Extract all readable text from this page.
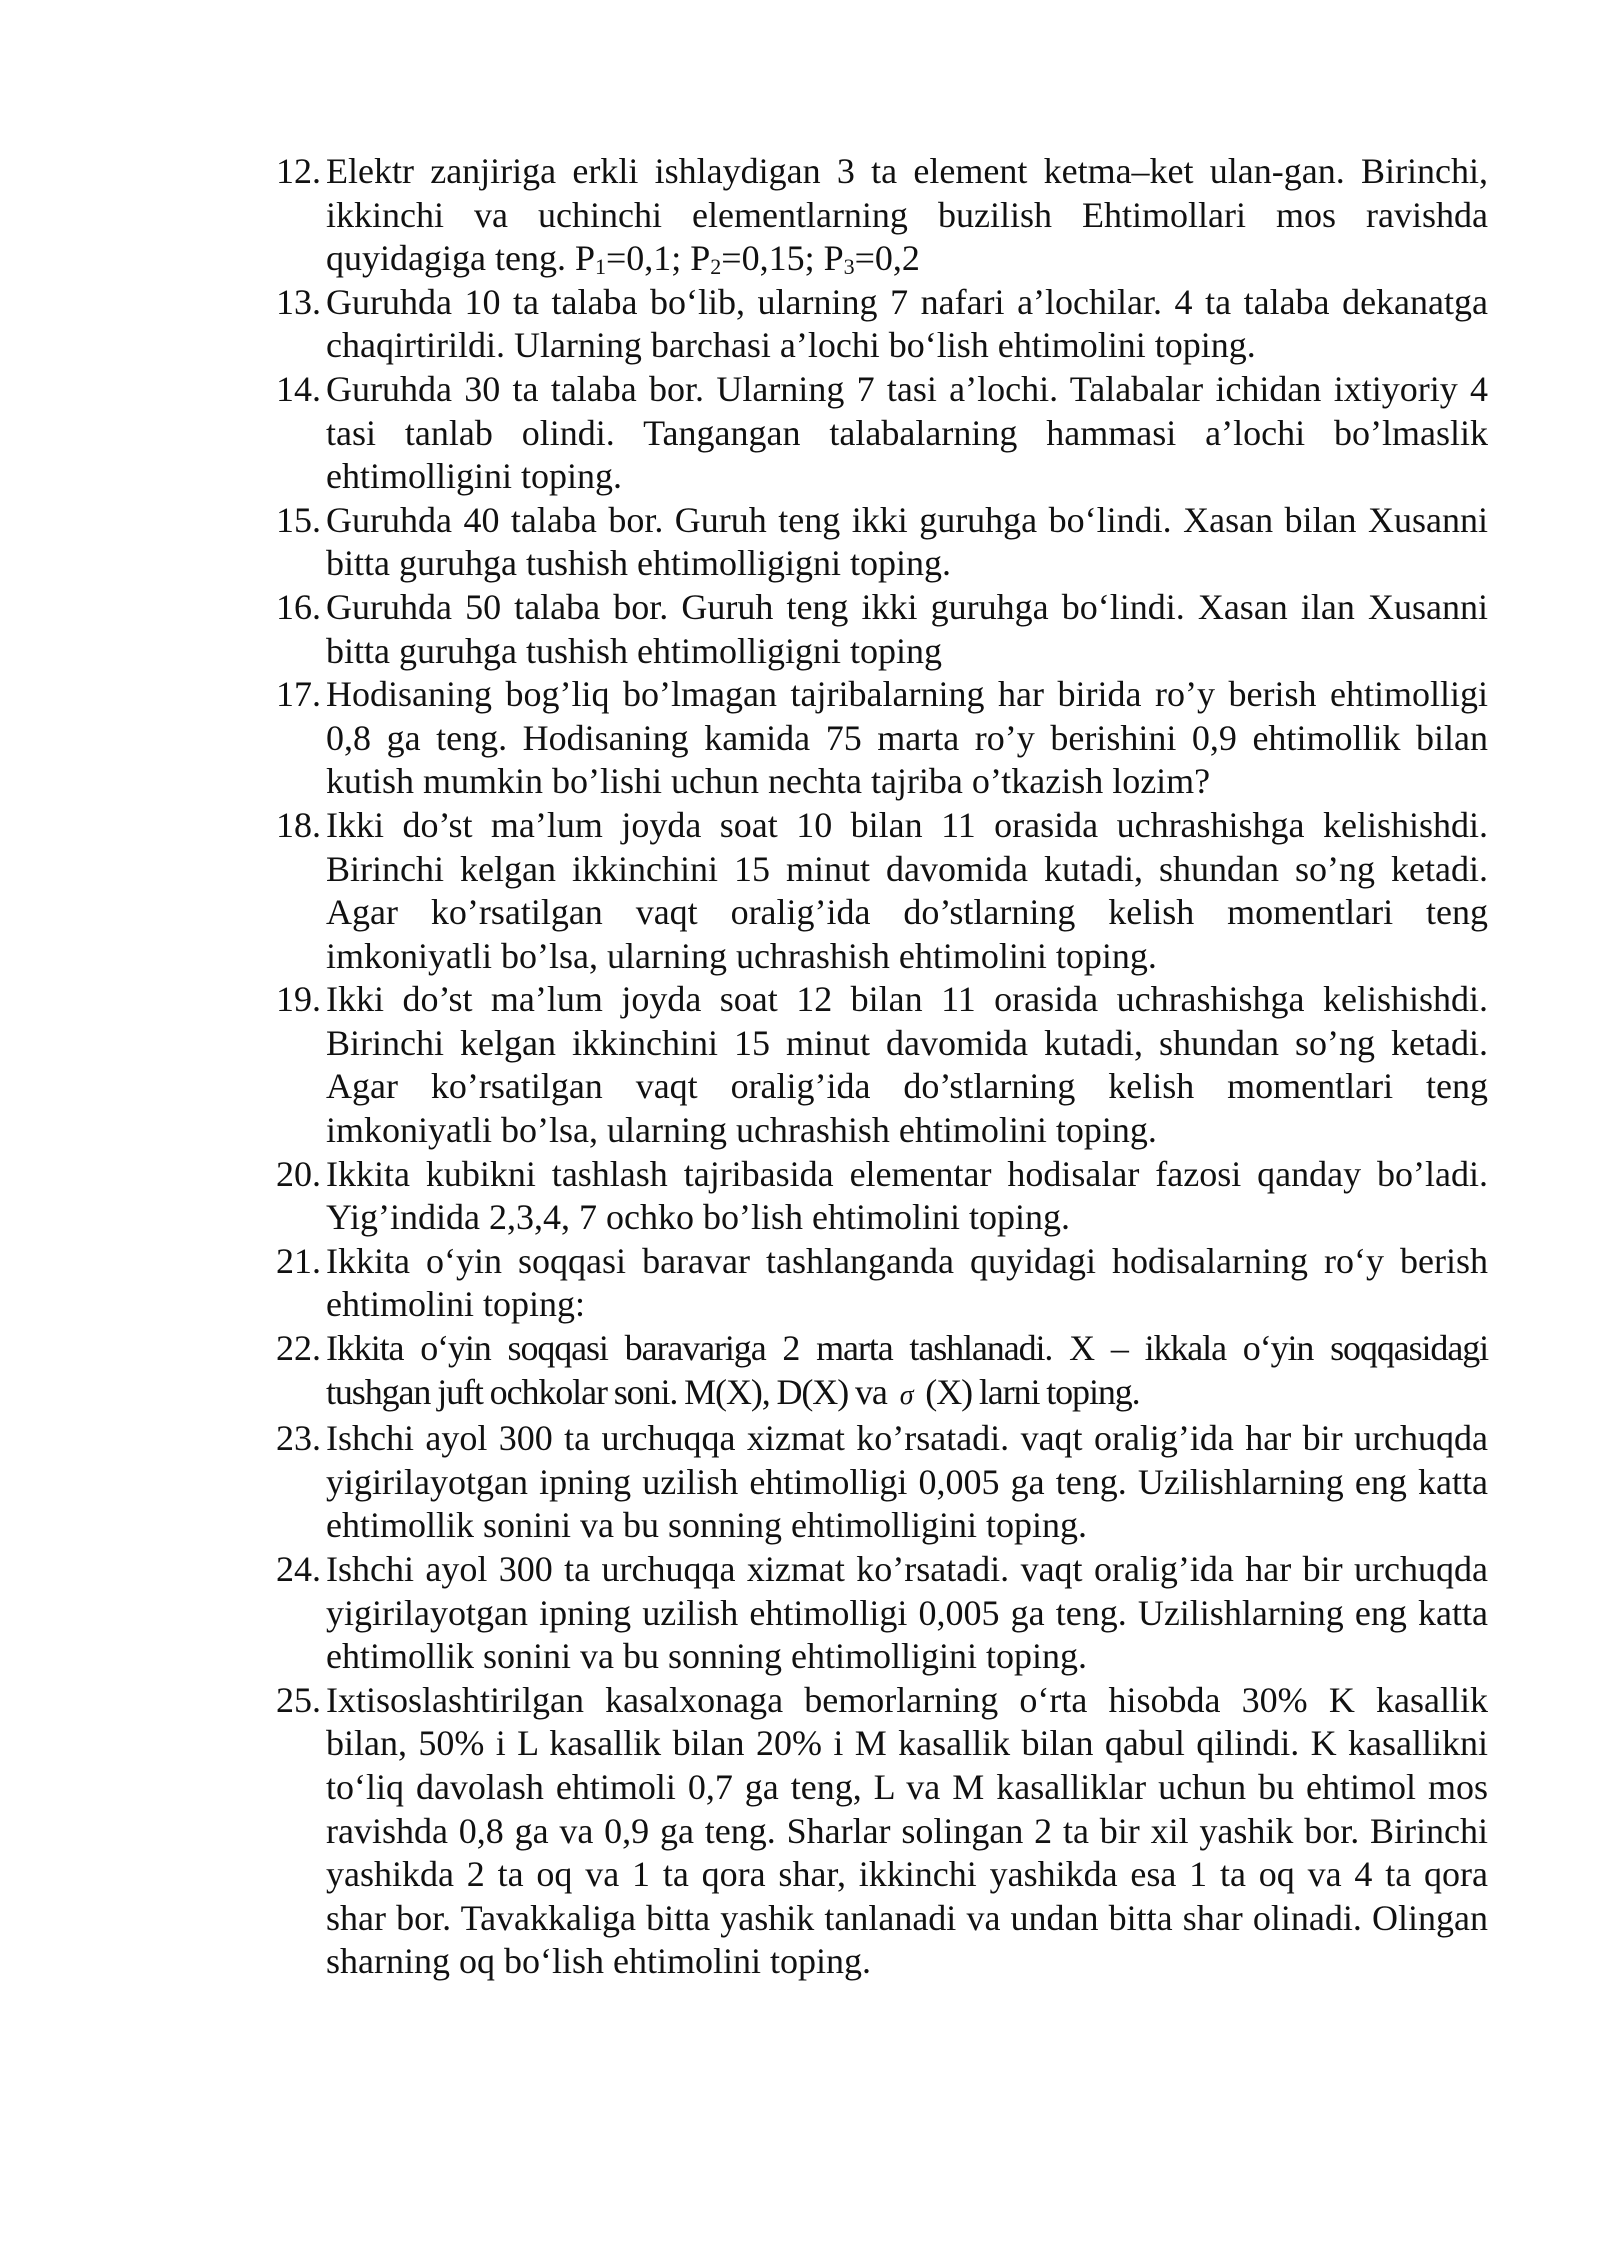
12. Elektr zanjiriga erkli ishlaydigan 3 ta element ketma–ket ulan-gan. Birinchi, ikkinchi va uchinchi elementlarning buzilish Ehtimollari mos ravishda quyidagiga teng. $P_1=0,1$; $P_2=0,15$; $P_3=0,2$
13. Guruhda 10 ta talaba bo‘lib, ularning 7 nafari a’lochilar. 4 ta talaba dekanatga chaqirtirildi. Ularning barchasi a’lochi bo‘lish ehtimolini toping.
14. Guruhda 30 ta talaba bor. Ularning 7 tasi a’lochi. Talabalar ichidan ixtiyoriy 4 tasi tanlab olindi. Tangangan talabalarning hammasi a’lochi bo’lmaslik ehtimolligini toping.
15. Guruhda 40 talaba bor. Guruh teng ikki guruhga bo‘lindi. Xasan bilan Xusanni bitta guruhga tushish ehtimolligigni toping.
16. Guruhda 50 talaba bor. Guruh teng ikki guruhga bo‘lindi. Xasan ilan Xusanni bitta guruhga tushish ehtimolligigni toping
17. Hodisaning bog’liq bo’lmagan tajribalarning har birida ro’y berish ehtimolligi 0,8 ga teng. Hodisaning kamida 75 marta ro’y berishini 0,9 ehtimollik bilan kutish mumkin bo’lishi uchun nechta tajriba o’tkazish lozim?
18. Ikki do’st ma’lum joyda soat 10 bilan 11 orasida uchrashishga kelishishdi. Birinchi kelgan ikkinchini 15 minut davomida kutadi, shundan so’ng ketadi. Agar ko’rsatilgan vaqt oralig’ida do’stlarning kelish momentlari teng imkoniyatli bo’lsa, ularning uchrashish ehtimolini toping.
19. Ikki do’st ma’lum joyda soat 12 bilan 11 orasida uchrashishga kelishishdi. Birinchi kelgan ikkinchini 15 minut davomida kutadi, shundan so’ng ketadi. Agar ko’rsatilgan vaqt oralig’ida do’stlarning kelish momentlari teng imkoniyatli bo’lsa, ularning uchrashish ehtimolini toping.
20. Ikkita kubikni tashlash tajribasida elementar hodisalar fazosi qanday bo’ladi. Yig’indida 2,3,4, 7 ochko bo’lish ehtimolini toping.
21. Ikkita o‘yin soqqasi baravar tashlanganda quyidagi hodisalarning ro‘y berish ehtimolini toping:
22. Ikkita o‘yin soqqasi baravariga 2 marta tashlanadi. X – ikkala o‘yin soqqasidagi tushgan juft ochkolar soni. M(X), D(X) va σ (X) larni toping.
23. Ishchi ayol 300 ta urchuqqa xizmat ko’rsatadi. vaqt oralig’ida har bir urchuqda yigirilayotgan ipning uzilish ehtimolligi 0,005 ga teng. Uzilishlarning eng katta ehtimollik sonini va bu sonning ehtimolligini toping.
24. Ishchi ayol 300 ta urchuqqa xizmat ko’rsatadi. vaqt oralig’ida har bir urchuqda yigirilayotgan ipning uzilish ehtimolligi 0,005 ga teng. Uzilishlarning eng katta ehtimollik sonini va bu sonning ehtimolligini toping.
25. Ixtisoslashtirilgan kasalxonaga bemorlarning o‘rta hisobda 30% K kasallik bilan, 50% i L kasallik bilan 20% i M kasallik bilan qabul qilindi. K kasallikni to‘liq davolash ehtimoli 0,7 ga teng, L va M kasalliklar uchun bu ehtimol mos ravishda 0,8 ga va 0,9 ga teng. Sharlar solingan 2 ta bir xil yashik bor. Birinchi yashikda 2 ta oq va 1 ta qora shar, ikkinchi yashikda esa 1 ta oq va 4 ta qora shar bor. Tavakkaliga bitta yashik tanlanadi va undan bitta shar olinadi. Olingan sharning oq bo‘lish ehtimolini toping.
